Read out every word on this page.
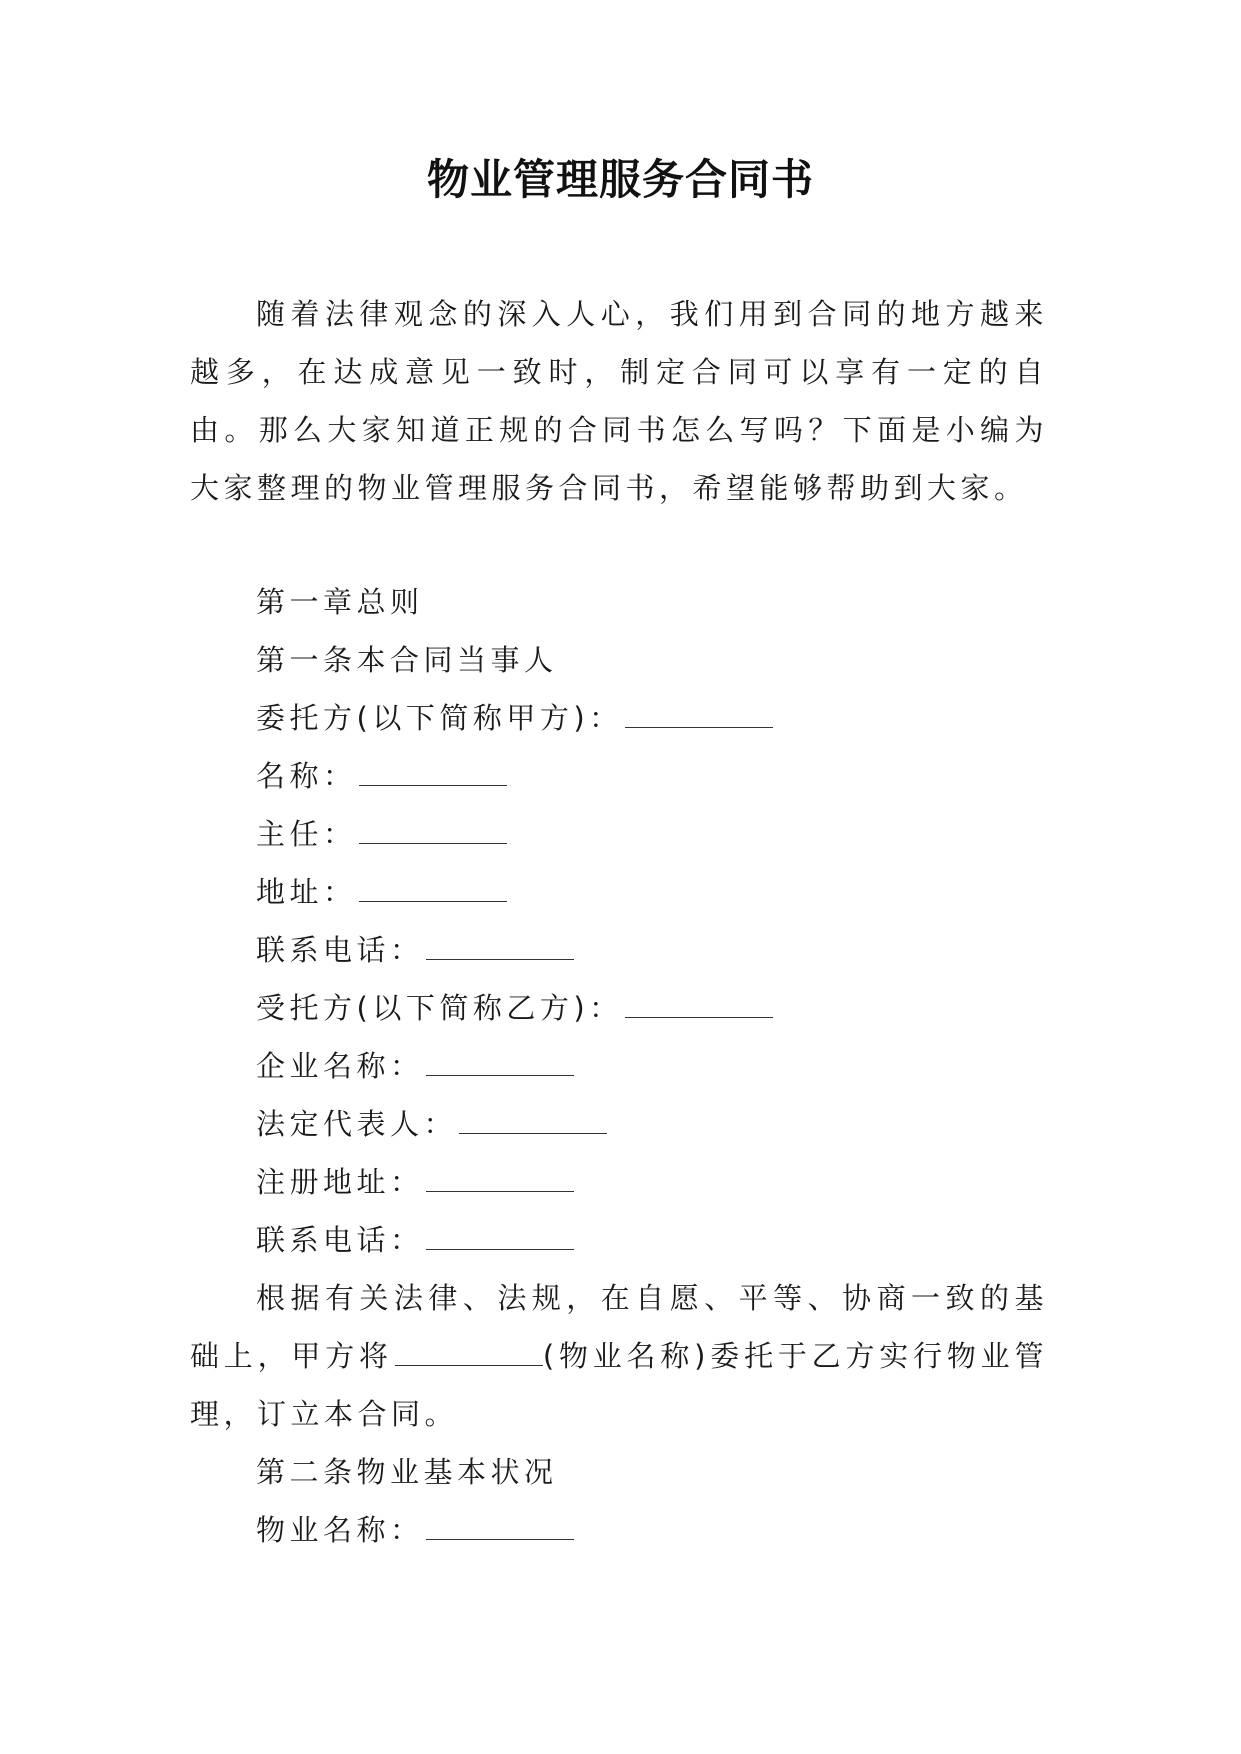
物业管理服务合同书

随着法律观念的深入人心，我们用到合同的地方越来越多，在达成意见一致时，制定合同可以享有一定的自由。那么大家知道正规的合同书怎么写吗？下面是小编为大家整理的物业管理服务合同书，希望能够帮助到大家。

第一章总则
第一条本合同当事人
委托方(以下简称甲方)：
名称：
主任：
地址：
联系电话：
受托方(以下简称乙方)：
企业名称：
法定代表人：
注册地址：
联系电话：

根据有关法律、法规，在自愿、平等、协商一致的基础上，甲方将	(物业名称)委托于乙方实行物业管理，订立本合同。

第二条物业基本状况
物业名称：
